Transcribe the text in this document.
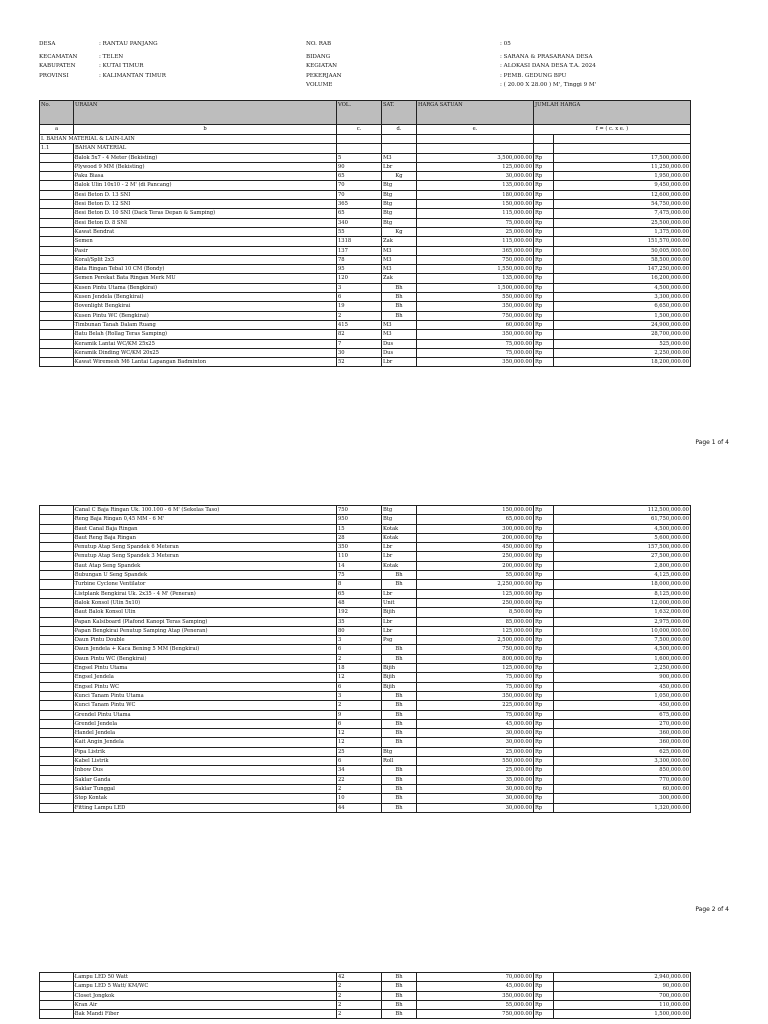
DESA	: RANTAU PANJANG
KECAMATAN	: TELEN
KABUPATEN	: KUTAI TIMUR
PROVINSI	: KALIMANTAN TIMUR
NO. RAB	: 05
BIDANG	: SARANA & PRASARANA DESA
KEGIATAN	: ALOKASI DANA DESA T.A. 2024
PEKERJAAN	: PEMB. GEDUNG BPU
VOLUME	: ( 20.00 X 28.00 ) M', Tinggi 9 M'
No.	URAIAN	VOL.	SAT.	HARGA SATUAN	JUMLAH HARGA	
a	b	c.	d.	e.	f = ( c. x e. )	
I. BAHAN MATERIAL & LAIN-LAIN						
1.1	BAHAN MATERIAL					
	- Balok 5x7 - 4 Meter (Bekisting)	5	M3	3,500,000.00	Rp	17,500,000.00
	- Plywood 9 MM (Bekisting)	90	Lbr	125,000.00	Rp	11,250,000.00
	- Paku Biasa	65	Kg	30,000.00	Rp	1,950,000.00
	- Balok Ulin 10x10 - 2 M' (di Pancang)	70	Btg	135,000.00	Rp	9,450,000.00
	- Besi Beton D. 13 SNI	70	Btg	180,000.00	Rp	12,600,000.00
	- Besi Beton D. 12 SNI	365	Btg	150,000.00	Rp	54,750,000.00
	- Besi Beton D. 10 SNI (Dack Teras Depan & Samping)	65	Btg	115,000.00	Rp	7,475,000.00
	- Besi Beton D. 8 SNI	340	Btg	75,000.00	Rp	25,500,000.00
	- Kawat Bendrat	55	Kg	25,000.00	Rp	1,375,000.00
	- Semen	1318	Zak	115,000.00	Rp	151,570,000.00
	- Pasir	137	M3	365,000.00	Rp	50,005,000.00
	- Koral/Split 2x3	78	M3	750,000.00	Rp	58,500,000.00
	- Bata Ringan Tebal 10 CM (Bondy)	95	M3	1,550,000.00	Rp	147,250,000.00
	- Semen Perekat Bata Ringan Merk MU	120	Zak	135,000.00	Rp	16,200,000.00
	- Kusen Pintu Utama (Bengkirai)	3	Bh	1,500,000.00	Rp	4,500,000.00
	- Kusen Jendela (Bengkirai)	6	Bh	550,000.00	Rp	3,300,000.00
	- Bovenlight Bengkirai	19	Bh	350,000.00	Rp	6,650,000.00
	- Kusen Pintu WC (Bengkirai)	2	Bh	750,000.00	Rp	1,500,000.00
	- Timbunan Tanah Dalam Ruang	415	M3	60,000.00	Rp	24,900,000.00
	- Batu Belah (Rollag Teras Samping)	82	M3	350,000.00	Rp	28,700,000.00
	- Keramik Lantai WC/KM 25x25	7	Dus	75,000.00	Rp	525,000.00
	- Keramik Dinding WC/KM 20x25	30	Dus	75,000.00	Rp	2,250,000.00
	- Kawat Wiremesh M6 Lantai Lapangan Badminton	52	Lbr	350,000.00	Rp	18,200,000.00
Page 1 of 4
	- Canal C Baja Ringan Uk. 100.100 - 6 M' (Sekelas Taso)	750	Btg	150,000.00	Rp	112,500,000.00
	- Reng Baja Ringan 0,45 MM - 6 M'	950	Btg	65,000.00	Rp	61,750,000.00
	- Baut Canal Baja Ringan	15	Kotak	300,000.00	Rp	4,500,000.00
	- Baut Reng Baja Ringan	28	Kotak	200,000.00	Rp	5,600,000.00
	- Penutup Atap Seng Spandek 6 Meteran	350	Lbr	450,000.00	Rp	157,500,000.00
	- Penutup Atap Seng Spandek 3 Meteran	110	Lbr	250,000.00	Rp	27,500,000.00
	- Baut Atap Seng Spandek	14	Kotak	200,000.00	Rp	2,800,000.00
	- Bubungan U Seng Spandek	75	Bh	55,000.00	Rp	4,125,000.00
	- Turbine Cyclone Ventilator	8	Bh	2,250,000.00	Rp	18,000,000.00
	- Listplank Bengkirai Uk. 2x35 - 4 M' (Peneran)	65	Lbr	125,000.00	Rp	8,125,000.00
	- Balok Konsol (Ulin 5x10)	48	Unit	250,000.00	Rp	12,000,000.00
	- Baut Balok Konsol Ulin	192	Bijih	8,500.00	Rp	1,632,000.00
	- Papan Kalsiboard (Plafond Kanopi Teras Samping)	35	Lbr	85,000.00	Rp	2,975,000.00
	- Papan Bengkirai Penutup Samping Atap (Peneran)	80	Lbr	125,000.00	Rp	10,000,000.00
	- Daun Pintu Double	3	Psg	2,500,000.00	Rp	7,500,000.00
	- Daun Jendela + Kaca Bening 5 MM (Bengkirai)	6	Bh	750,000.00	Rp	4,500,000.00
	- Daun Pintu WC (Bengkirai)	2	Bh	800,000.00	Rp	1,600,000.00
	- Engsel Pintu Utama	18	Bijih	125,000.00	Rp	2,250,000.00
	- Engsel Jendela	12	Bijih	75,000.00	Rp	900,000.00
	- Engsel Pintu WC	6	Bijih	75,000.00	Rp	450,000.00
	- Kunci Tanam Pintu Utama	3	Bh	350,000.00	Rp	1,050,000.00
	- Kunci Tanam Pintu WC	2	Bh	225,000.00	Rp	450,000.00
	- Grendel Pintu Utama	9	Bh	75,000.00	Rp	675,000.00
	- Grendel Jendela	6	Bh	45,000.00	Rp	270,000.00
	- Handel Jendela	12	Bh	30,000.00	Rp	360,000.00
	- Kait Angin Jendela	12	Bh	30,000.00	Rp	360,000.00
	- Pipa Listrik	25	Btg	25,000.00	Rp	625,000.00
	- Kabel Listrik	6	Roll	550,000.00	Rp	3,300,000.00
	- Inbow Dus	34	Bh	25,000.00	Rp	850,000.00
	- Saklar Ganda	22	Bh	35,000.00	Rp	770,000.00
	- Saklar Tunggal	2	Bh	30,000.00	Rp	60,000.00
	- Stop Kontak	10	Bh	30,000.00	Rp	300,000.00
	- Fitting Lampu LED	44	Bh	30,000.00	Rp	1,320,000.00
Page 2 of 4
	- Lampu LED 50 Watt	42	Bh	70,000.00	Rp	2,940,000.00
	- Lampu LED 5 Watt/ KM/WC	2	Bh	45,000.00	Rp	90,000.00
	- Closet Jongkok	2	Bh	350,000.00	Rp	700,000.00
	- Kran Air	2	Bh	55,000.00	Rp	110,000.00
	- Bak Mandi Fiber	2	Bh	750,000.00	Rp	1,500,000.00
